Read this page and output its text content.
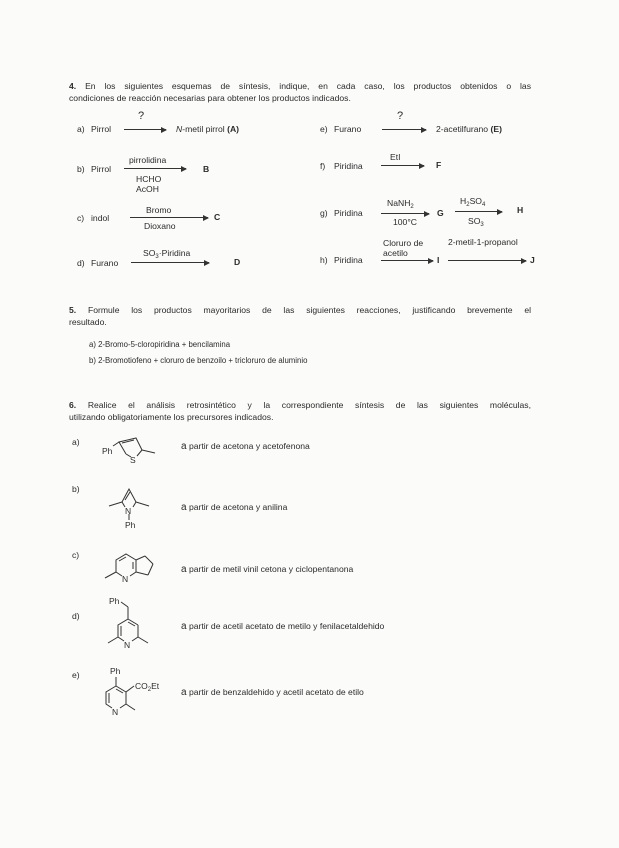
4. En los siguientes esquemas de síntesis, indique, en cada caso, los productos obtenidos o las
condiciones de reacción necesarias para obtener los productos indicados.
a) Pirrol
?
N-metil pirrol (A)
b) Pirrol
pirrolidina
HCHO
AcOH
B
c) indol
Bromo
Dioxano
C
d) Furano
$SO_3\cdot Piridina$
D
e) Furano
?
2-acetilfurano (E)
f) Piridina
EtI
F
g) Piridina
NaNH$_2$
100°C
G
$H_2SO_4$
$SO_3$
H
h) Piridina
Cloruro de
acetilo
I
2-metil-1-propanol
J
5. Formule los productos mayoritarios de las siguientes reacciones, justificando brevemente el
resultado.
a) 2-Bromo-5-cloropiridina + bencilamina
b) 2-Bromotiofeno + cloruro de benzoilo + tricloruro de aluminio
6. Realice el análisis retrosintético y la correspondiente síntesis de las siguientes moléculas,
utilizando obligatoriamente los precursores indicados.
a)
Ph
S
a partir de acetona y acetofenona
b)
N
Ph
a partir de acetona y anilina
c)
N
a partir de metil vinil cetona y ciclopentanona
d)
Ph
N
a partir de acetil acetato de metilo y fenilacetaldehido
e)	Ph
$CO_2Et$
N
a partir de benzaldehido y acetil acetato de etilo
